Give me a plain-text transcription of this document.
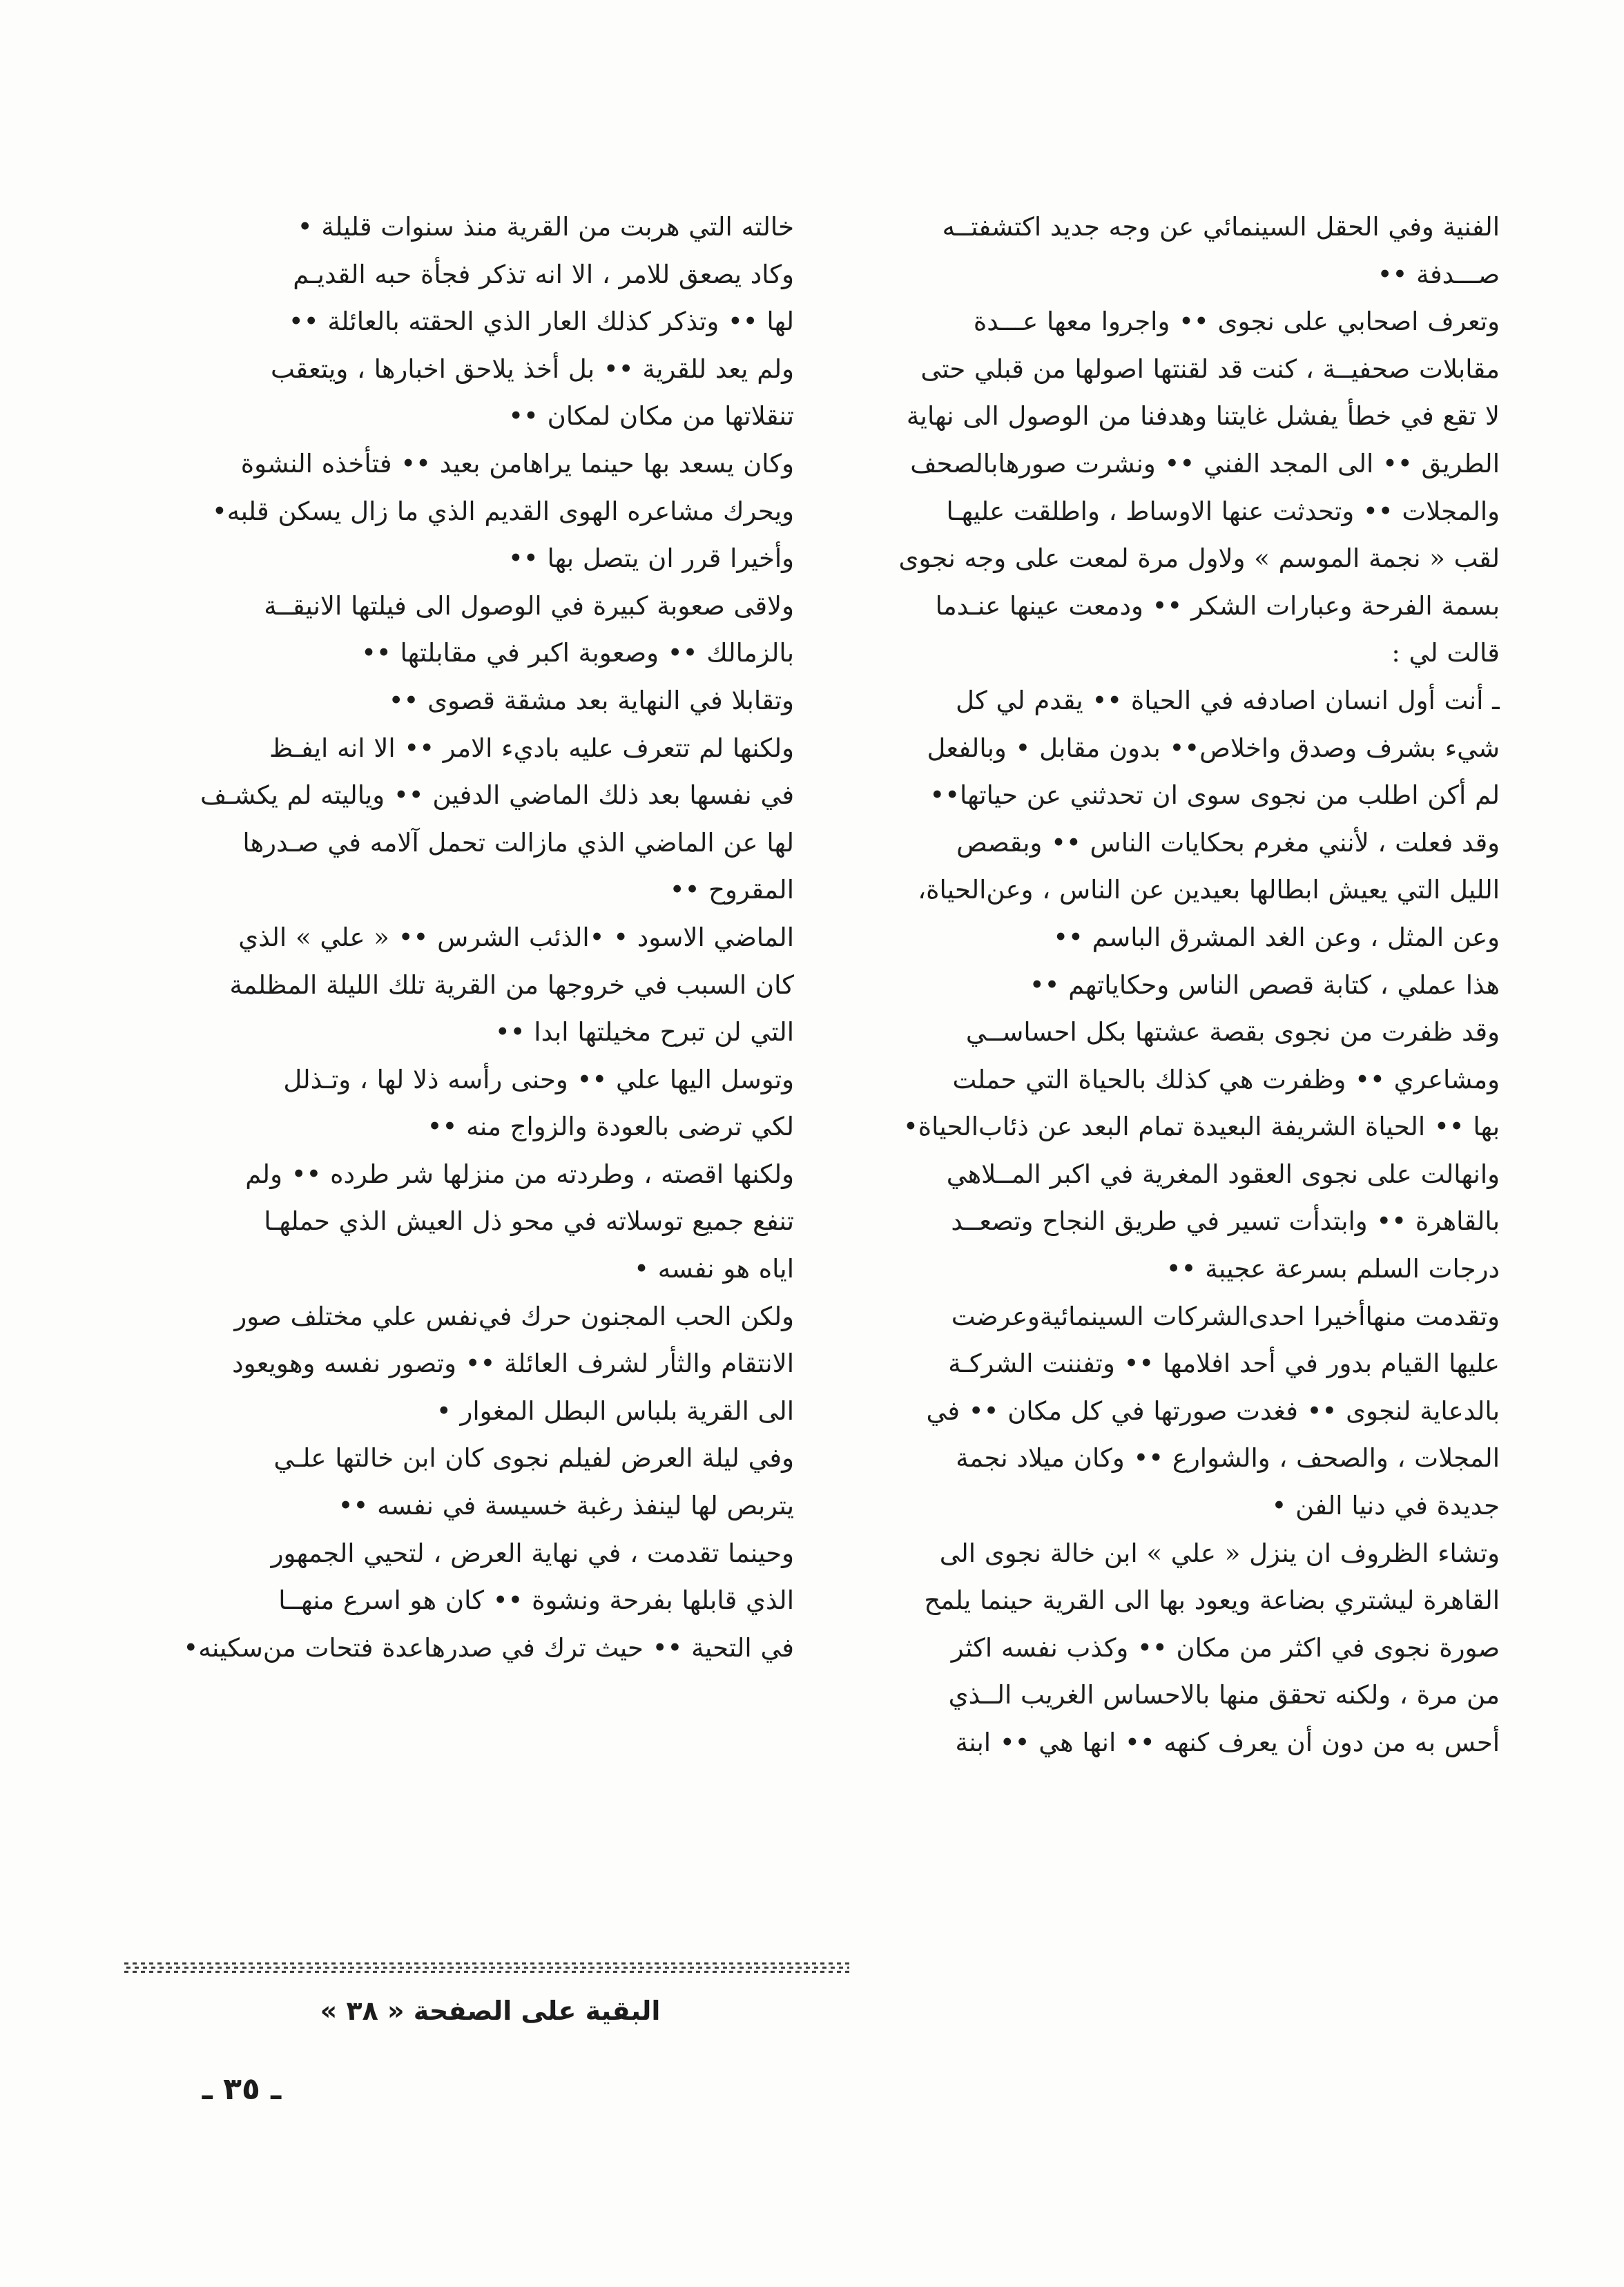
الفنية وفي الحقل السينمائي عن وجه جديد اكتشفتــه
صـــدفة ••

وتعرف اصحابي على نجوى •• واجروا معها عـــدة
مقابلات صحفيــة ، كنت قد لقنتها اصولها من قبلي حتى
لا تقع في خطأ يفشل غايتنا وهدفنا من الوصول الى نهاية
الطريق •• الى المجد الفني •• ونشرت صورهابالصحف
والمجلات •• وتحدثت عنها الاوساط ، واطلقت عليهـا
لقب « نجمة الموسم » ولاول مرة لمعت على وجه نجوى
بسمة الفرحة وعبارات الشكر •• ودمعت عينها عنـدما
قالت لي :

ـ أنت أول انسان اصادفه في الحياة •• يقدم لي كل
شيء بشرف وصدق واخلاص•• بدون مقابل • وبالفعل
لم أكن اطلب من نجوى سوى ان تحدثني عن حياتها••
وقد فعلت ، لأنني مغرم بحكايات الناس •• وبقصص
الليل التي يعيش ابطالها بعيدين عن الناس ، وعن‌الحياة،
وعن المثل ، وعن الغد المشرق الباسم ••

هذا عملي ، كتابة قصص الناس وحكاياتهم ••

وقد ظفرت من نجوى بقصة عشتها بكل احساســي
ومشاعري •• وظفرت هي كذلك بالحياة التي حملت
بها •• الحياة الشريفة البعيدة تمام البعد عن ذئاب‌الحياة•

وانهالت على نجوى العقود المغرية في اكبر المــلاهي
بالقاهرة •• وابتدأت تسير في طريق النجاح وتصعــد
درجات السلم بسرعة عجيبة ••

وتقدمت منهاأخيرا احدى‌الشركات السينمائيةوعرضت
عليها القيام بدور في أحد افلامها •• وتفننت الشركـة
بالدعاية لنجوى •• فغدت صورتها في كل مكان •• في
المجلات ، والصحف ، والشوارع •• وكان ميلاد نجمة
جديدة في دنيا الفن •

وتشاء الظروف ان ينزل « علي » ابن خالة نجوى الى
القاهرة ليشتري بضاعة ويعود بها الى القرية حينما يلمح
صورة نجوى في اكثر من مكان •• وكذب نفسه اكثر
من مرة ، ولكنه تحقق منها بالاحساس الغريب الــذي
أحس به من دون أن يعرف كنهه •• انها هي •• ابنة

خالته التي هربت من القرية منذ سنوات قليلة •

وكاد يصعق للامر ، الا انه تذكر فجأة حبه القديـم
لها •• وتذكر كذلك العار الذي الحقته بالعائلة ••

ولم يعد للقرية •• بل أخذ يلاحق اخبارها ، ويتعقب
تنقلاتها من مكان لمكان ••

وكان يسعد بها حينما يراهامن بعيد •• فتأخذه النشوة
ويحرك مشاعره الهوى القديم الذي ما زال يسكن قلبه•

وأخيرا قرر ان يتصل بها ••

ولاقى صعوبة كبيرة في الوصول الى فيلتها الانيقــة
بالزمالك •• وصعوبة اكبر في مقابلتها ••

وتقابلا في النهاية بعد مشقة قصوى ••

ولكنها لم تتعرف عليه باديء الامر •• الا انه ايفـظ
في نفسها بعد ذلك الماضي الدفين •• وياليته لم يكشـف
لها عن الماضي الذي مازالت تحمل آلامه في صـدرها
المقروح ••

الماضي الاسود • •الذئب الشرس •• « علي » الذي
كان السبب في خروجها من القرية تلك الليلة المظلمة
التي لن تبرح مخيلتها ابدا ••

وتوسل اليها علي •• وحنى رأسه ذلا لها ، وتـذلل
لكي ترضى بالعودة والزواج منه ••

ولكنها اقصته ، وطردته من منزلها شر طرده •• ولم
تنفع جميع توسلاته في محو ذل العيش الذي حملهـا
اياه هو نفسه •

ولكن الحب المجنون حرك في‌نفس علي مختلف صور
الانتقام والثأر لشرف العائلة •• وتصور نفسه وهويعود
الى القرية بلباس البطل المغوار •

وفي ليلة العرض لفيلم نجوى كان ابن خالتها علـي
يتربص لها لينفذ رغبة خسيسة في نفسه ••

وحينما تقدمت ، في نهاية العرض ، لتحيي الجمهور
الذي قابلها بفرحة ونشوة •• كان هو اسرع منهــا
في التحية •• حيث ترك في صدرهاعدة فتحات من‌سكينه•

البقية على الصفحة « ٣٨ »
ـ ٣٥ ـ
